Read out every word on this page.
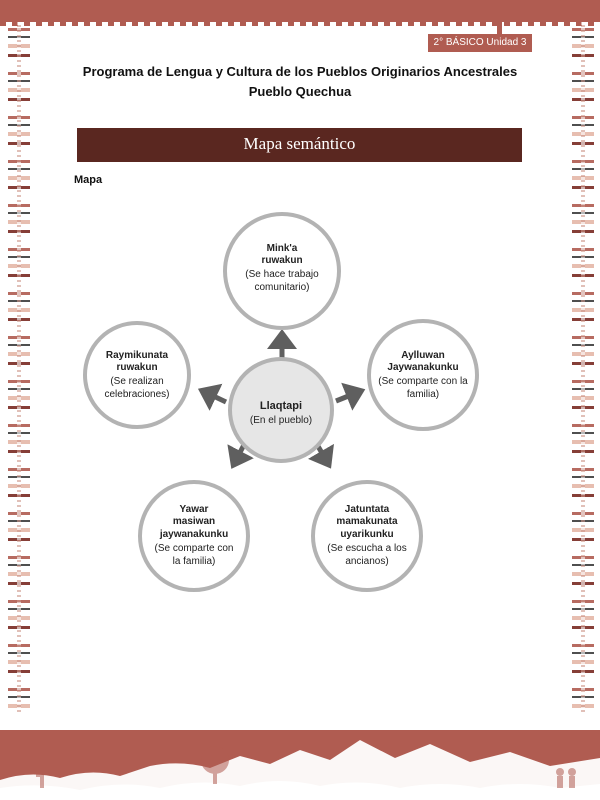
2° BÁSICO Unidad 3
Programa de Lengua y Cultura de los Pueblos Originarios Ancestrales
Pueblo Quechua
Mapa semántico
Mapa
Llaqtapi
(En el pueblo)
Mink'a
ruwakun
(Se hace trabajo
comunitario)
Raymikunata
ruwakun
(Se realizan
celebraciones)
Aylluwan
Jaywanakunku
(Se comparte con la
familia)
Yawar
masiwan
jaywanakunku
(Se comparte con
la familia)
Jatuntata
mamakunata
uyarikunku
(Se escucha a los
ancianos)
